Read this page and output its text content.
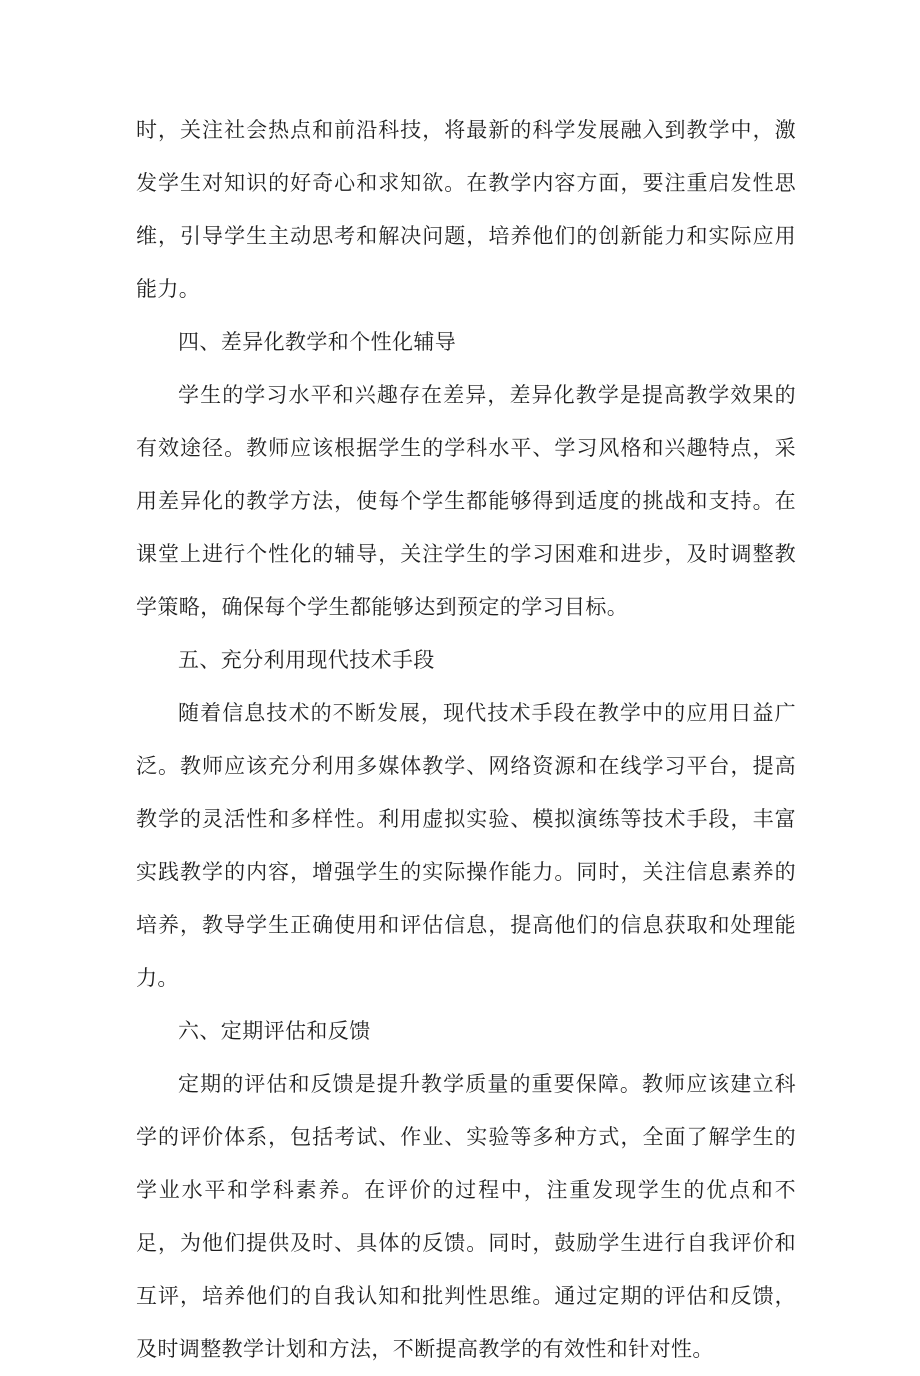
时，关注社会热点和前沿科技，将最新的科学发展融入到教学中，激发学生对知识的好奇心和求知欲。在教学内容方面，要注重启发性思维，引导学生主动思考和解决问题，培养他们的创新能力和实际应用能力。

四、差异化教学和个性化辅导

学生的学习水平和兴趣存在差异，差异化教学是提高教学效果的有效途径。教师应该根据学生的学科水平、学习风格和兴趣特点，采用差异化的教学方法，使每个学生都能够得到适度的挑战和支持。在课堂上进行个性化的辅导，关注学生的学习困难和进步，及时调整教学策略，确保每个学生都能够达到预定的学习目标。

五、充分利用现代技术手段

随着信息技术的不断发展，现代技术手段在教学中的应用日益广泛。教师应该充分利用多媒体教学、网络资源和在线学习平台，提高教学的灵活性和多样性。利用虚拟实验、模拟演练等技术手段，丰富实践教学的内容，增强学生的实际操作能力。同时，关注信息素养的培养，教导学生正确使用和评估信息，提高他们的信息获取和处理能力。

六、定期评估和反馈

定期的评估和反馈是提升教学质量的重要保障。教师应该建立科学的评价体系，包括考试、作业、实验等多种方式，全面了解学生的学业水平和学科素养。在评价的过程中，注重发现学生的优点和不足，为他们提供及时、具体的反馈。同时，鼓励学生进行自我评价和互评，培养他们的自我认知和批判性思维。通过定期的评估和反馈，及时调整教学计划和方法，不断提高教学的有效性和针对性。
